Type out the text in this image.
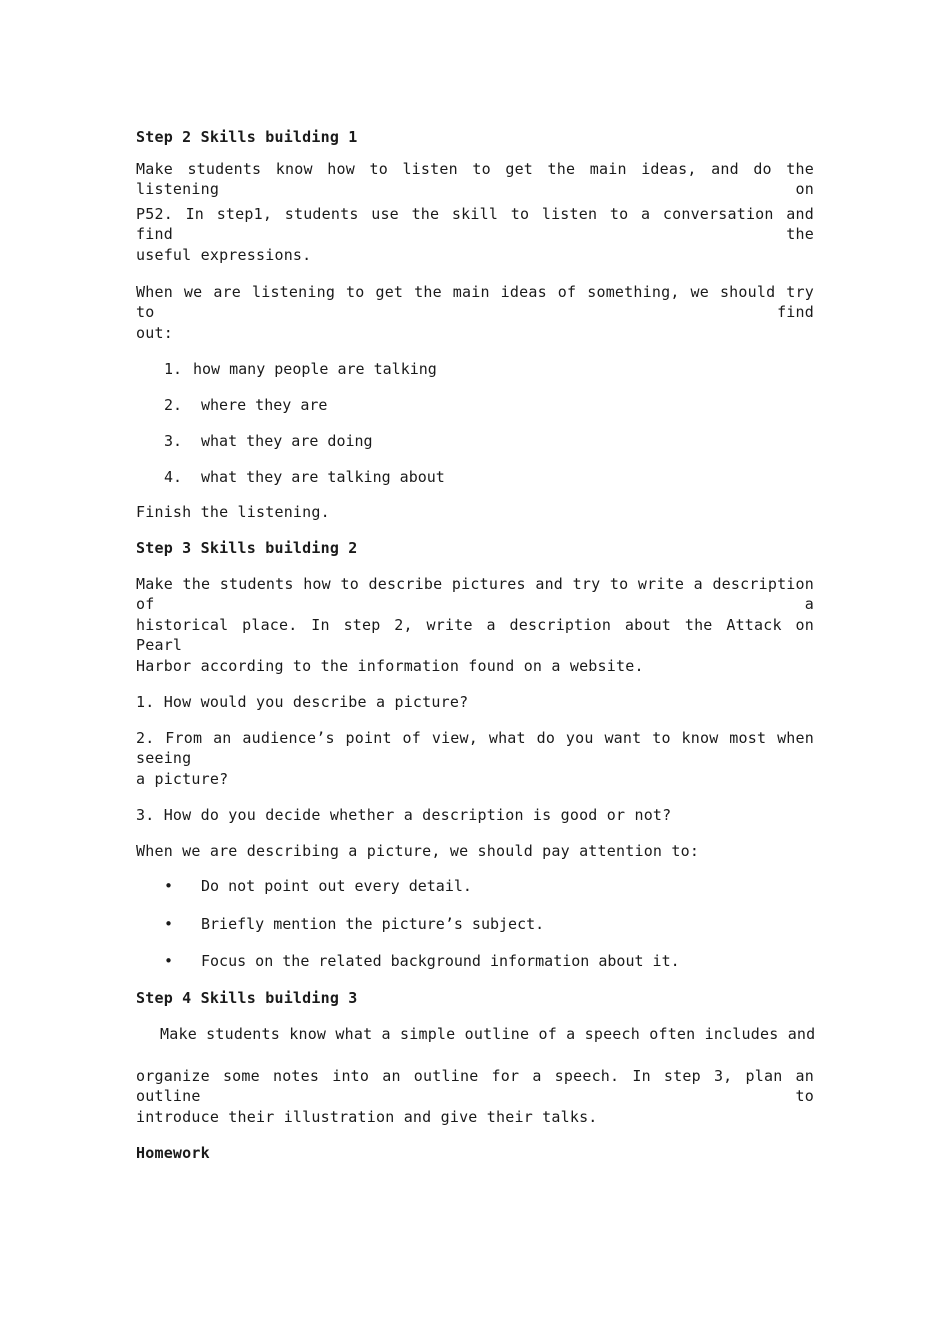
Step 2 Skills building 1
Make students know how to listen to get the main ideas, and do the listening on
P52. In step1, students use the skill to listen to a conversation and find the
useful expressions.
When we are listening to get the main ideas of something, we should try to find
out:
1. how many people are talking
2. where they are
3. what they are doing
4. what they are talking about
Finish the listening.
Step 3 Skills building 2
Make the students how to describe pictures and try to write a description of a
historical place. In step 2, write a description about the Attack on Pearl
Harbor according to the information found on a website.
1. How would you describe a picture?
2. From an audience’s point of view, what do you want to know most when seeing
a picture?
3. How do you decide whether a description is good or not?
When we are describing a picture, we should pay attention to:
• Do not point out every detail.
• Briefly mention the picture’s subject.
• Focus on the related background information about it.
Step 4 Skills building 3
Make students know what a simple outline of a speech often includes and
organize some notes into an outline for a speech. In step 3, plan an outline to
introduce their illustration and give their talks.
Homework
